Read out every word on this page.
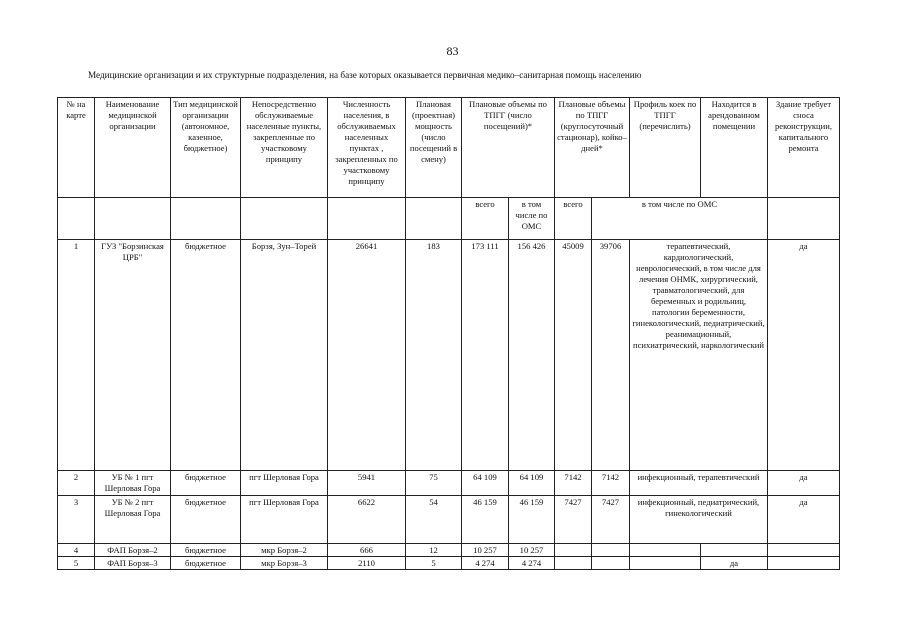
83
Медицинские организации и их структурные подразделения, на базе которых оказывается первичная медико–санитарная помощь населению
№ на карте	Наименование медицинской организации	Тип медицинской организации (автономное, казенное, бюджетное)	Непосредственно обслуживаемые населенные пункты, закрепленные по участковому принципу	Численность населения, в обслуживаемых населенных пунктах , закрепленных по участковому принципу	Плановая (проектная) мощность (число посещений в смену)	Плановые объемы по ТПГГ (число посещений)*		Плановые объемы по ТПГГ (круглосуточный стационар), койко–дней*		Профиль коек по ТПГГ (перечислить)	Находится в арендованном помещении	Здание требует сноса реконструкции, капитального ремонта
						всего	в том числе по ОМС	всего	в том числе по ОМС			
1	ГУЗ "Борзинская ЦРБ"	бюджетное	Борзя, Зун–Торей	26641	183	173 111	156 426	45009	39706	терапевтический, кардиологический, неврологический, в том числе для лечения ОНМК, хирургический, травматологический, для беременных и родильниц, патологии беременности, гинекологический, педиатрический, реанимационный, психиатрический, наркологический		да
2	УБ № 1 пгт Шерловая Гора	бюджетное	пгт Шерловая Гора	5941	75	64 109	64 109	7142	7142	инфекционный, терапевтический		да
3	УБ № 2 пгт Шерловая Гора	бюджетное	пгт Шерловая Гора	6622	54	46 159	46 159	7427	7427	инфекционный, педиатрический, гинекологический		да
4	ФАП Борзя–2	бюджетное	мкр Борзя–2	666	12	10 257	10 257					
5	ФАП Борзя–3	бюджетное	мкр Борзя–3	2110	5	4 274	4 274				да	
